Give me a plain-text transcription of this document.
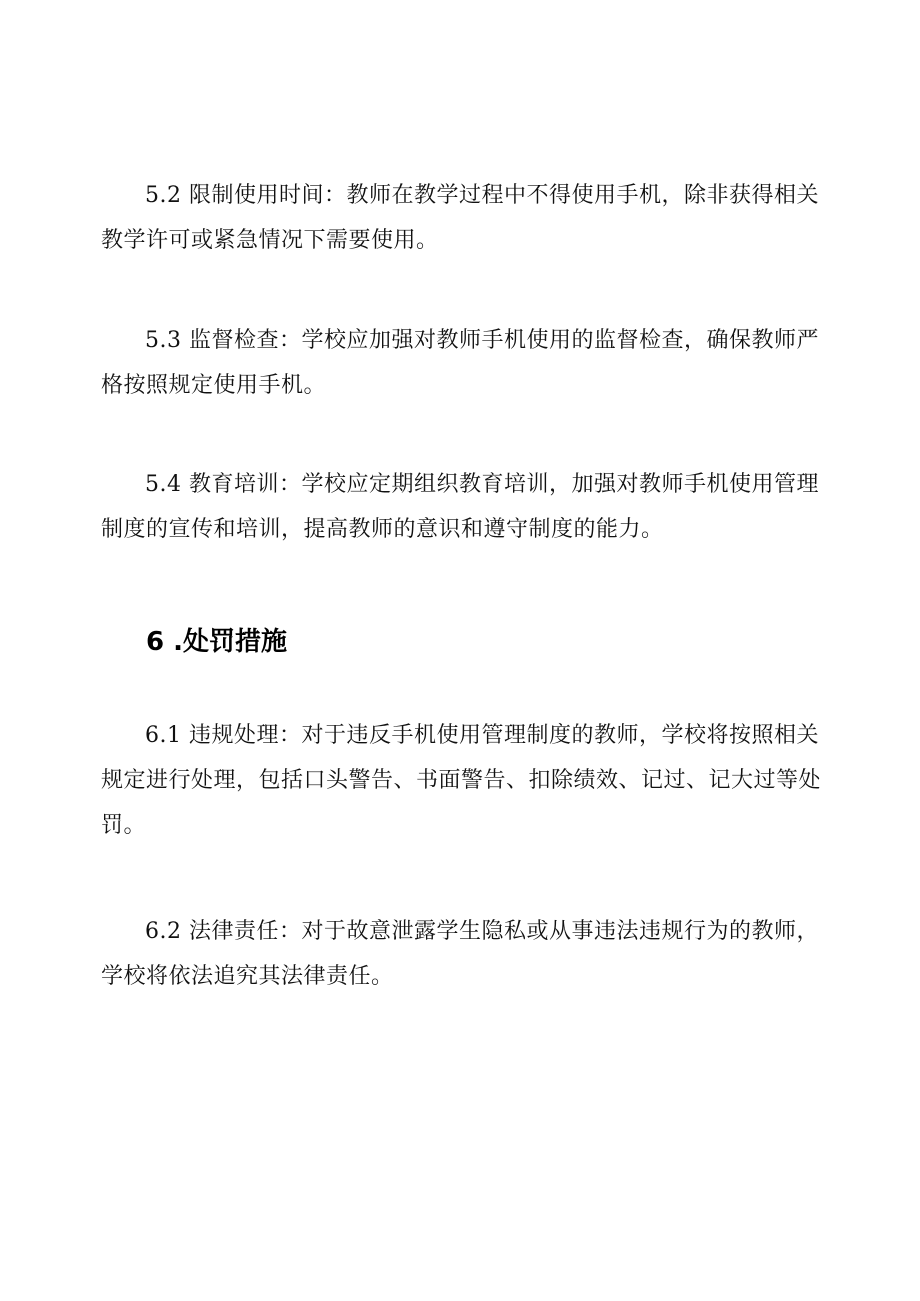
5.2 限制使用时间：教师在教学过程中不得使用手机，除非获得相关教学许可或紧急情况下需要使用。

5.3 监督检查：学校应加强对教师手机使用的监督检查，确保教师严格按照规定使用手机。

5.4 教育培训：学校应定期组织教育培训，加强对教师手机使用管理制度的宣传和培训，提高教师的意识和遵守制度的能力。

6 .处罚措施

6.1 违规处理：对于违反手机使用管理制度的教师，学校将按照相关规定进行处理，包括口头警告、书面警告、扣除绩效、记过、记大过等处罚。

6.2 法律责任：对于故意泄露学生隐私或从事违法违规行为的教师，学校将依法追究其法律责任。
